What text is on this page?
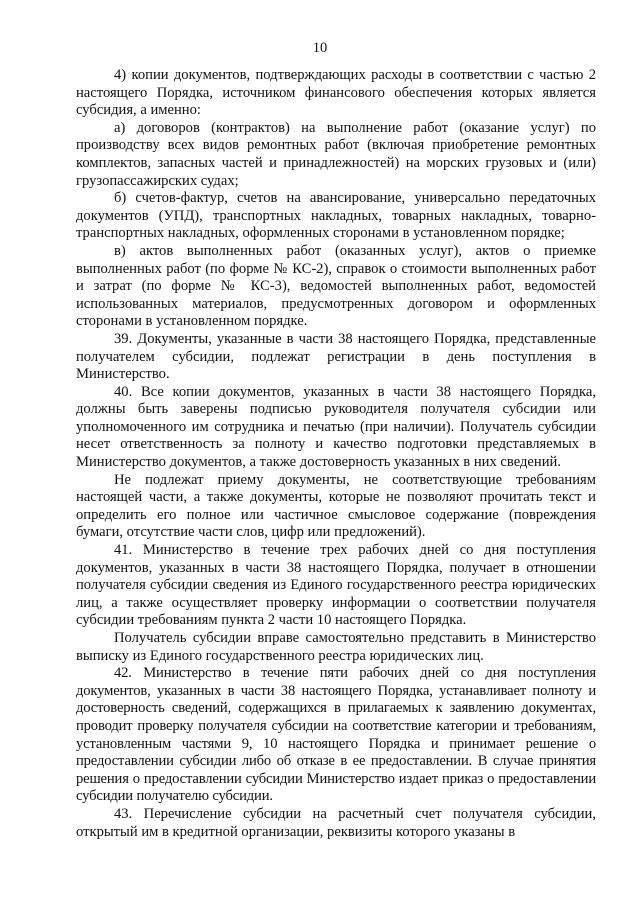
10

4) копии документов, подтверждающих расходы в соответствии с частью 2 настоящего Порядка, источником финансового обеспечения которых является субсидия, а именно:

а) договоров (контрактов) на выполнение работ (оказание услуг) по производству всех видов ремонтных работ (включая приобретение ремонтных комплектов, запасных частей и принадлежностей) на морских грузовых и (или) грузопассажирских судах;

б) счетов-фактур, счетов на авансирование, универсально передаточных документов (УПД), транспортных накладных, товарных накладных, товарно-транспортных накладных, оформленных сторонами в установленном порядке;

в) актов выполненных работ (оказанных услуг), актов о приемке выполненных работ (по форме № КС-2), справок о стоимости выполненных работ и затрат (по форме № КС-3), ведомостей выполненных работ, ведомостей использованных материалов, предусмотренных договором и оформленных сторонами в установленном порядке.

39. Документы, указанные в части 38 настоящего Порядка, представленные получателем субсидии, подлежат регистрации в день поступления в Министерство.

40. Все копии документов, указанных в части 38 настоящего Порядка, должны быть заверены подписью руководителя получателя субсидии или уполномоченного им сотрудника и печатью (при наличии). Получатель субсидии несет ответственность за полноту и качество подготовки представляемых в Министерство документов, а также достоверность указанных в них сведений.

Не подлежат приему документы, не соответствующие требованиям настоящей части, а также документы, которые не позволяют прочитать текст и определить его полное или частичное смысловое содержание (повреждения бумаги, отсутствие части слов, цифр или предложений).

41. Министерство в течение трех рабочих дней со дня поступления документов, указанных в части 38 настоящего Порядка, получает в отношении получателя субсидии сведения из Единого государственного реестра юридических лиц, а также осуществляет проверку информации о соответствии получателя субсидии требованиям пункта 2 части 10 настоящего Порядка.

Получатель субсидии вправе самостоятельно представить в Министерство выписку из Единого государственного реестра юридических лиц.

42. Министерство в течение пяти рабочих дней со дня поступления документов, указанных в части 38 настоящего Порядка, устанавливает полноту и достоверность сведений, содержащихся в прилагаемых к заявлению документах, проводит проверку получателя субсидии на соответствие категории и требованиям, установленным частями 9, 10 настоящего Порядка и принимает решение о предоставлении субсидии либо об отказе в ее предоставлении. В случае принятия решения о предоставлении субсидии Министерство издает приказ о предоставлении субсидии получателю субсидии.

43. Перечисление субсидии на расчетный счет получателя субсидии, открытый им в кредитной организации, реквизиты которого указаны в
